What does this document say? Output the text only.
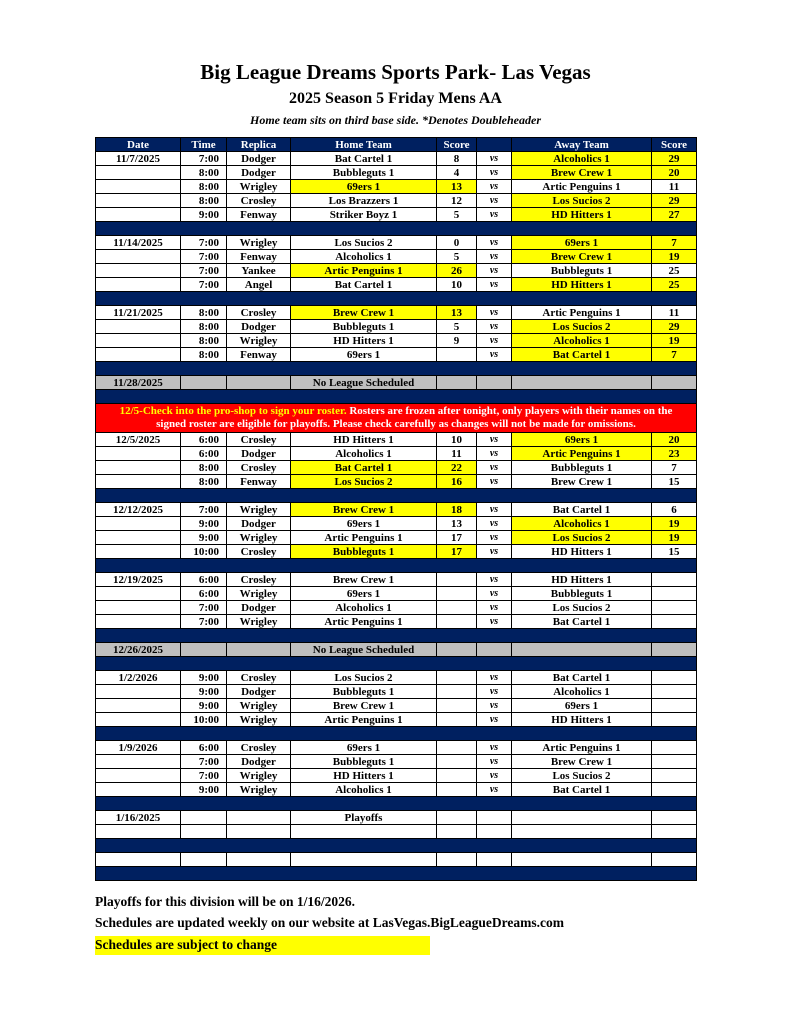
Big League Dreams Sports Park- Las Vegas
2025 Season 5 Friday Mens AA
Home team sits on third base side. *Denotes Doubleheader
Date	Time	Replica	Home Team	Score		Away Team	Score
11/7/2025	7:00	Dodger	Bat Cartel 1	8	vs	Alcoholics 1	29
	8:00	Dodger	Bubbleguts 1	4	vs	Brew Crew 1	20
	8:00	Wrigley	69ers 1	13	vs	Artic Penguins 1	11
	8:00	Crosley	Los Brazzers 1	12	vs	Los Sucios 2	29
	9:00	Fenway	Striker Boyz 1	5	vs	HD Hitters 1	27

11/14/2025	7:00	Wrigley	Los Sucios 2	0	vs	69ers 1	7
	7:00	Fenway	Alcoholics 1	5	vs	Brew Crew 1	19
	7:00	Yankee	Artic Penguins 1	26	vs	Bubbleguts 1	25
	7:00	Angel	Bat Cartel 1	10	vs	HD Hitters 1	25

11/21/2025	8:00	Crosley	Brew Crew 1	13	vs	Artic Penguins 1	11
	8:00	Dodger	Bubbleguts 1	5	vs	Los Sucios 2	29
	8:00	Wrigley	HD Hitters 1	9	vs	Alcoholics 1	19
	8:00	Fenway	69ers 1		vs	Bat Cartel 1	7

11/28/2025			No League Scheduled				

12/5-Check into the pro-shop to sign your roster. Rosters are frozen after tonight, only players with their names on the signed roster are eligible for playoffs. Please check carefully as changes will not be made for omissions.							
12/5/2025	6:00	Crosley	HD Hitters 1	10	vs	69ers 1	20
	6:00	Dodger	Alcoholics 1	11	vs	Artic Penguins 1	23
	8:00	Crosley	Bat Cartel 1	22	vs	Bubbleguts 1	7
	8:00	Fenway	Los Sucios 2	16	vs	Brew Crew 1	15

12/12/2025	7:00	Wrigley	Brew Crew 1	18	vs	Bat Cartel 1	6
	9:00	Dodger	69ers 1	13	vs	Alcoholics 1	19
	9:00	Wrigley	Artic Penguins 1	17	vs	Los Sucios 2	19
	10:00	Crosley	Bubbleguts 1	17	vs	HD Hitters 1	15

12/19/2025	6:00	Crosley	Brew Crew 1		vs	HD Hitters 1	
	6:00	Wrigley	69ers 1		vs	Bubbleguts 1	
	7:00	Dodger	Alcoholics 1		vs	Los Sucios 2	
	7:00	Wrigley	Artic Penguins 1		vs	Bat Cartel 1	

12/26/2025			No League Scheduled				

1/2/2026	9:00	Crosley	Los Sucios 2		vs	Bat Cartel 1	
	9:00	Dodger	Bubbleguts 1		vs	Alcoholics 1	
	9:00	Wrigley	Brew Crew 1		vs	69ers 1	
	10:00	Wrigley	Artic Penguins 1		vs	HD Hitters 1	

1/9/2026	6:00	Crosley	69ers 1		vs	Artic Penguins 1	
	7:00	Dodger	Bubbleguts 1		vs	Brew Crew 1	
	7:00	Wrigley	HD Hitters 1		vs	Los Sucios 2	
	9:00	Wrigley	Alcoholics 1		vs	Bat Cartel 1	

1/16/2025			Playoffs				

Playoffs for this division will be on 1/16/2026.
Schedules are updated weekly on our website at LasVegas.BigLeagueDreams.com
Schedules are subject to change
